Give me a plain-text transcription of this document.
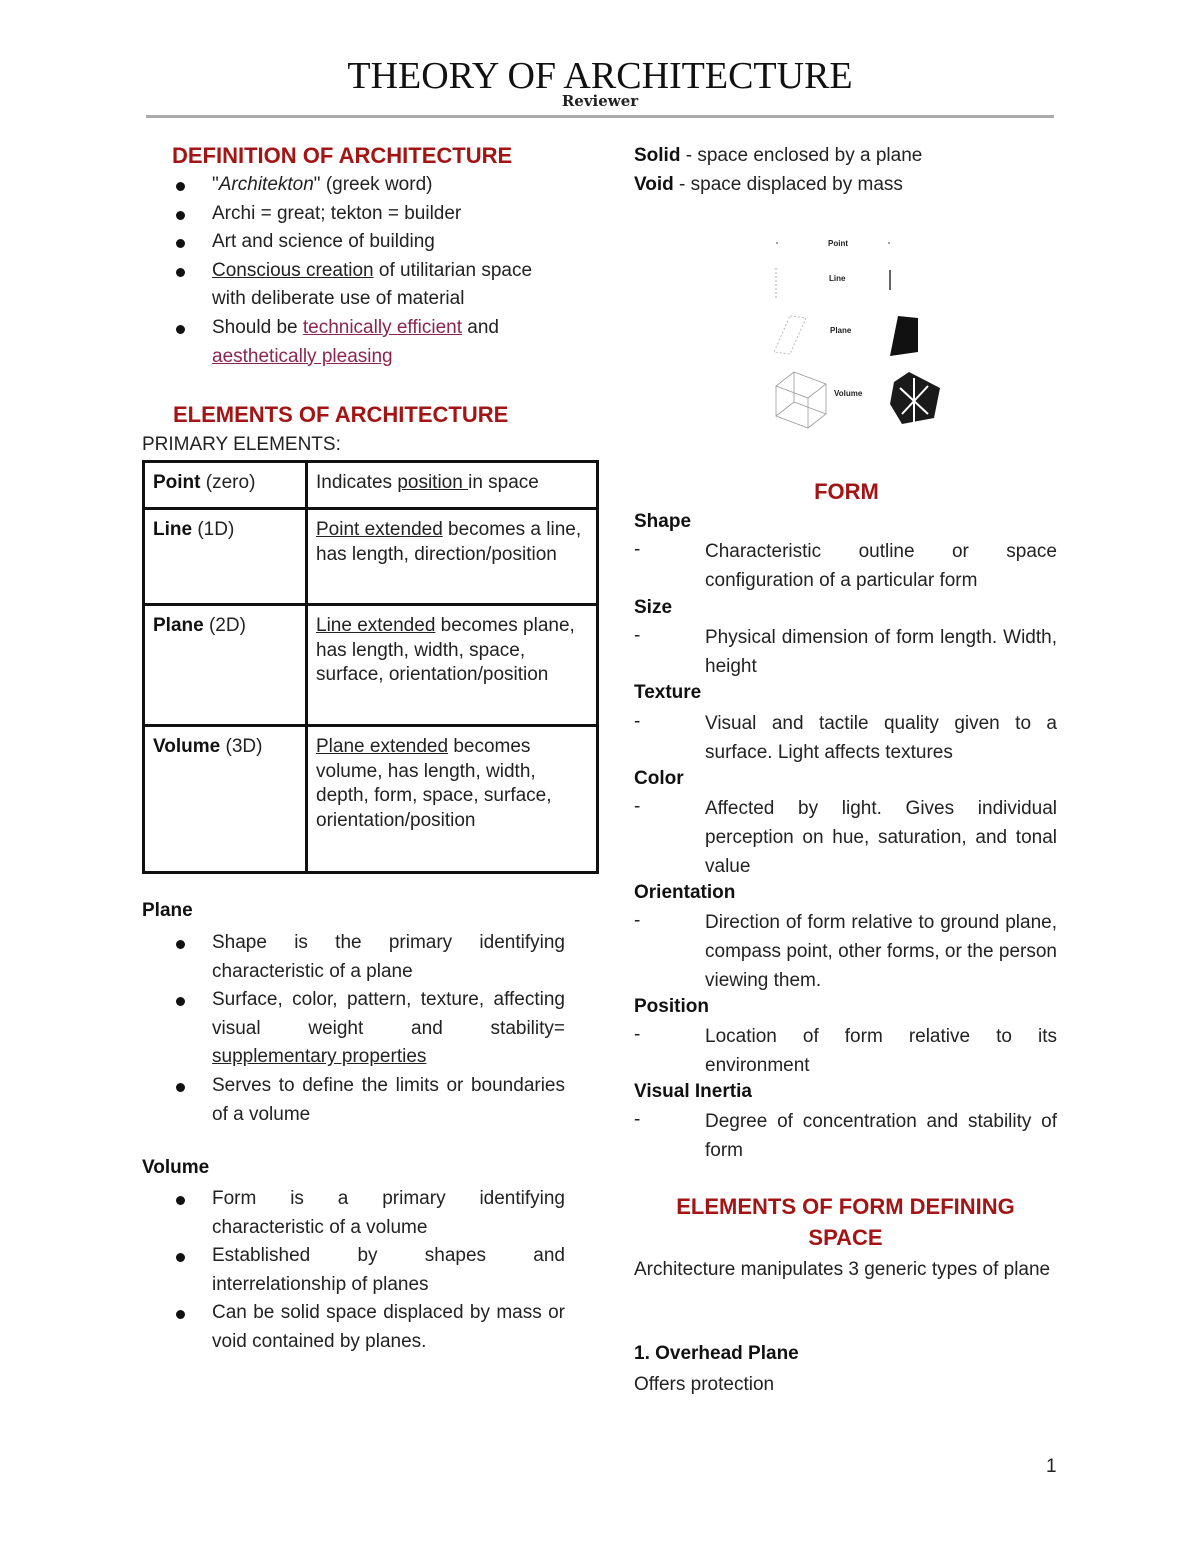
THEORY OF ARCHITECTURE
Reviewer
DEFINITION OF ARCHITECTURE
"Architekton" (greek word)
Archi = great; tekton = builder
Art and science of building
Conscious creation of utilitarian space with deliberate use of material
Should be technically efficient and
aesthetically pleasing
ELEMENTS OF ARCHITECTURE
PRIMARY ELEMENTS:
Point (zero)	Indicates position in space
Line (1D)	Point extended becomes a line, has length, direction/position
Plane (2D)	Line extended becomes plane, has length, width, space, surface, orientation/position
Volume (3D)	Plane extended becomes volume, has length, width, depth, form, space, surface, orientation/position
Plane
Shape is the primary identifying characteristic of a plane
Surface, color, pattern, texture, affecting visual weight and stability= supplementary properties
Serves to define the limits or boundaries of a volume
Volume
Form is a primary identifying characteristic of a volume
Established by shapes and interrelationship of planes
Can be solid space displaced by mass or void contained by planes.
Solid - space enclosed by a plane
Void - space displaced by mass
Point
Line
Plane
Volume
FORM
Shape
-	Characteristic outline or space configuration of a particular form
Size
-	Physical dimension of form length. Width, height
Texture
-	Visual and tactile quality given to a surface. Light affects textures
Color
-	Affected by light. Gives individual perception on hue, saturation, and tonal value
Orientation
-	Direction of form relative to ground plane, compass point, other forms, or the person viewing them.
Position
-	Location of form relative to its environment
Visual Inertia
-	Degree of concentration and stability of form
ELEMENTS OF FORM DEFINING
SPACE
Architecture manipulates 3 generic types of plane
1. Overhead Plane
Offers protection
1
